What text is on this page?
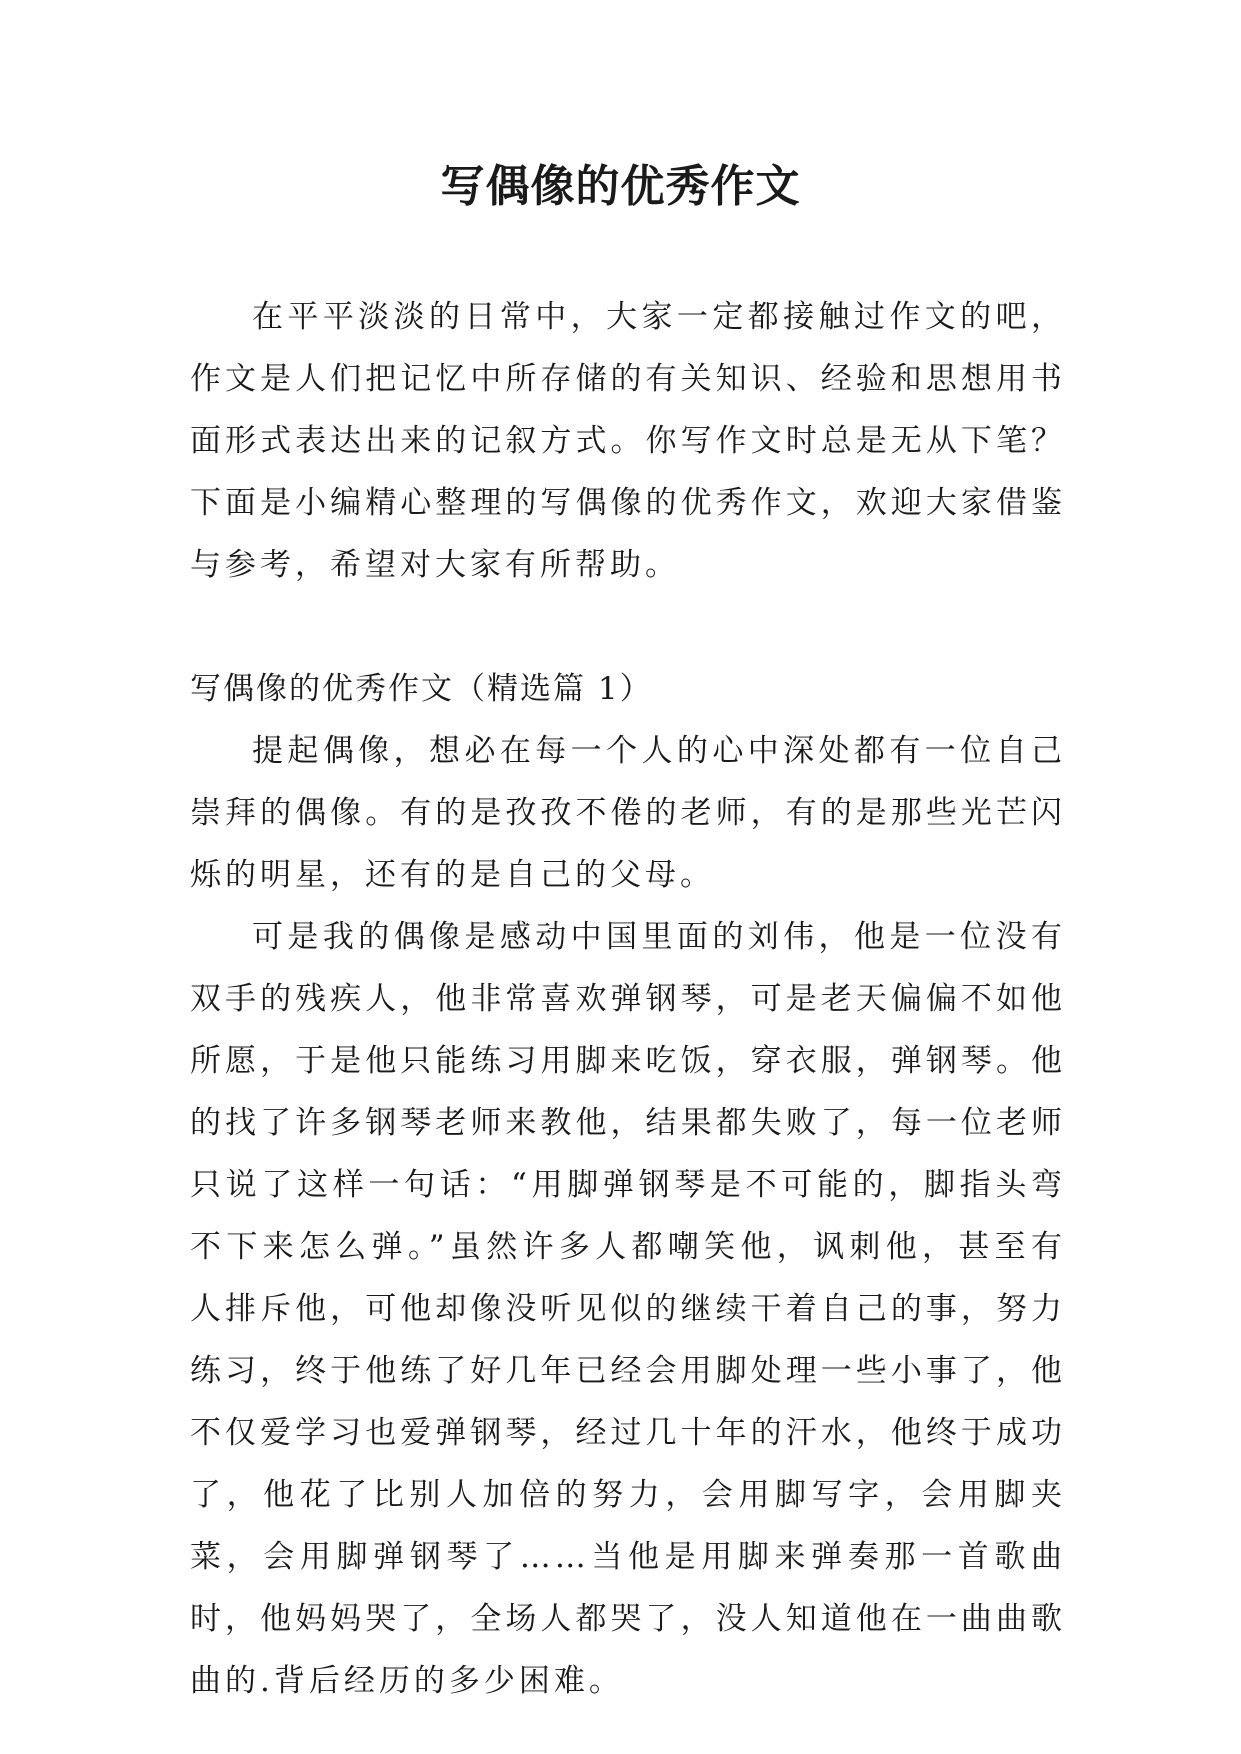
写偶像的优秀作文

在平平淡淡的日常中，大家一定都接触过作文的吧，作文是人们把记忆中所存储的有关知识、经验和思想用书面形式表达出来的记叙方式。你写作文时总是无从下笔？下面是小编精心整理的写偶像的优秀作文，欢迎大家借鉴与参考，希望对大家有所帮助。

写偶像的优秀作文（精选篇 1）

提起偶像，想必在每一个人的心中深处都有一位自己崇拜的偶像。有的是孜孜不倦的老师，有的是那些光芒闪烁的明星，还有的是自己的父母。

可是我的偶像是感动中国里面的刘伟，他是一位没有双手的残疾人，他非常喜欢弹钢琴，可是老天偏偏不如他所愿，于是他只能练习用脚来吃饭，穿衣服，弹钢琴。他的找了许多钢琴老师来教他，结果都失败了，每一位老师只说了这样一句话：“用脚弹钢琴是不可能的，脚指头弯不下来怎么弹。”虽然许多人都嘲笑他，讽刺他，甚至有人排斥他，可他却像没听见似的继续干着自己的事，努力练习，终于他练了好几年已经会用脚处理一些小事了，他不仅爱学习也爱弹钢琴，经过几十年的汗水，他终于成功了，他花了比别人加倍的努力，会用脚写字，会用脚夹菜，会用脚弹钢琴了……当他是用脚来弹奏那一首歌曲时，他妈妈哭了，全场人都哭了，没人知道他在一曲曲歌曲的.背后经历的多少困难。
